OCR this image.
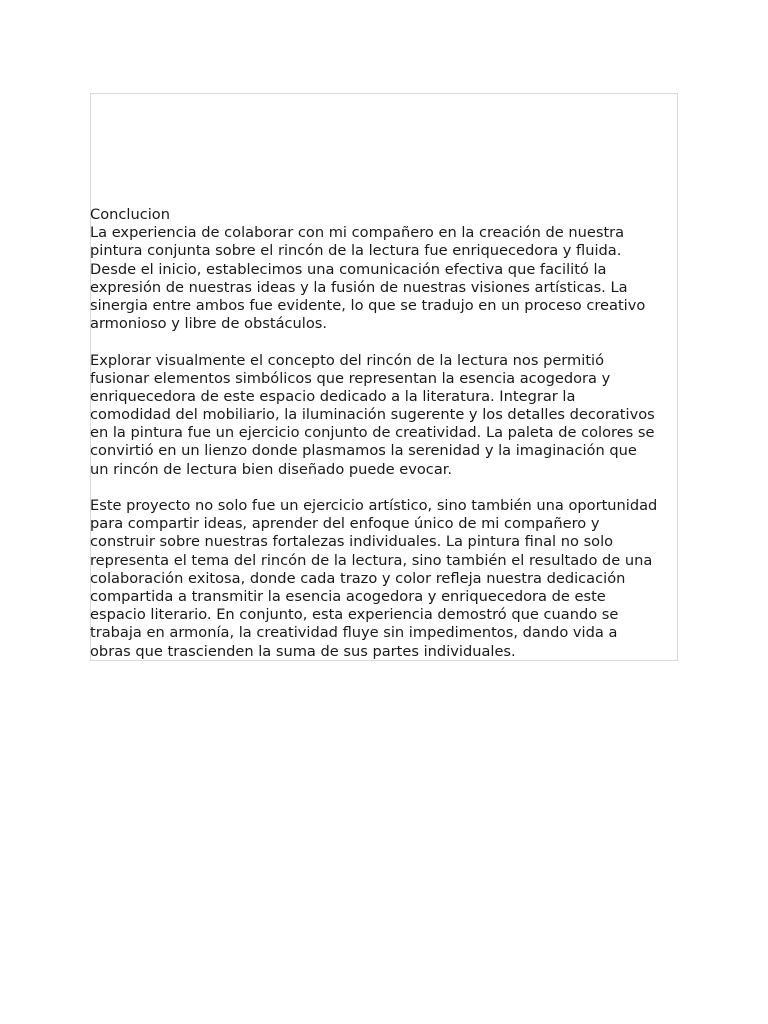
Conclucion
La experiencia de colaborar con mi compañero en la creación de nuestra
pintura conjunta sobre el rincón de la lectura fue enriquecedora y fluida.
Desde el inicio, establecimos una comunicación efectiva que facilitó la
expresión de nuestras ideas y la fusión de nuestras visiones artísticas. La
sinergia entre ambos fue evidente, lo que se tradujo en un proceso creativo
armonioso y libre de obstáculos.
Explorar visualmente el concepto del rincón de la lectura nos permitió
fusionar elementos simbólicos que representan la esencia acogedora y
enriquecedora de este espacio dedicado a la literatura. Integrar la
comodidad del mobiliario, la iluminación sugerente y los detalles decorativos
en la pintura fue un ejercicio conjunto de creatividad. La paleta de colores se
convirtió en un lienzo donde plasmamos la serenidad y la imaginación que
un rincón de lectura bien diseñado puede evocar.
Este proyecto no solo fue un ejercicio artístico, sino también una oportunidad
para compartir ideas, aprender del enfoque único de mi compañero y
construir sobre nuestras fortalezas individuales. La pintura final no solo
representa el tema del rincón de la lectura, sino también el resultado de una
colaboración exitosa, donde cada trazo y color refleja nuestra dedicación
compartida a transmitir la esencia acogedora y enriquecedora de este
espacio literario. En conjunto, esta experiencia demostró que cuando se
trabaja en armonía, la creatividad fluye sin impedimentos, dando vida a
obras que trascienden la suma de sus partes individuales.
